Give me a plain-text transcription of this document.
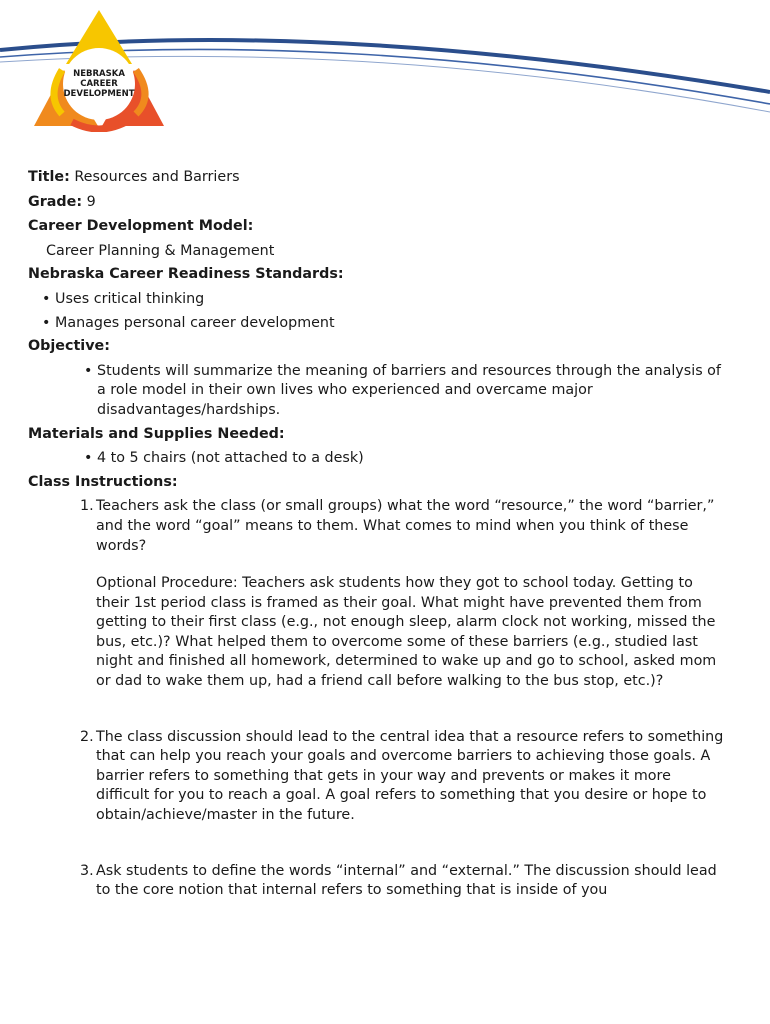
NEBRASKA
CAREER
DEVELOPMENT
Title: Resources and Barriers
Grade: 9
Career Development Model:
Career Planning & Management
Nebraska Career Readiness Standards:
• Uses critical thinking
• Manages personal career development
Objective:
• Students will summarize the meaning of barriers and resources through the analysis of a role model in their own lives who experienced and overcame major disadvantages/hardships.
Materials and Supplies Needed:
• 4 to 5 chairs (not attached to a desk)
Class Instructions:
1. Teachers ask the class (or small groups) what the word “resource,” the word “barrier,” and the word “goal” means to them. What comes to mind when you think of these words?
Optional Procedure: Teachers ask students how they got to school today. Getting to their 1st period class is framed as their goal. What might have prevented them from getting to their first class (e.g., not enough sleep, alarm clock not working, missed the bus, etc.)? What helped them to overcome some of these barriers (e.g., studied last night and finished all homework, determined to wake up and go to school, asked mom or dad to wake them up, had a friend call before walking to the bus stop, etc.)?
2. The class discussion should lead to the central idea that a resource refers to something that can help you reach your goals and overcome barriers to achieving those goals. A barrier refers to something that gets in your way and prevents or makes it more difficult for you to reach a goal. A goal refers to something that you desire or hope to obtain/achieve/master in the future.
3. Ask students to define the words “internal” and “external.” The discussion should lead to the core notion that internal refers to something that is inside of you
